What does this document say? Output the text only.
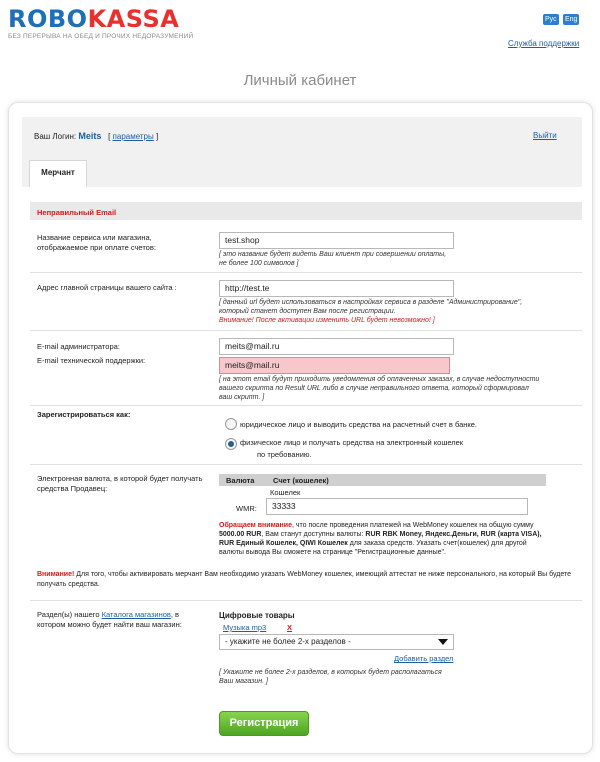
ROBOKASSA
БЕЗ ПЕРЕРЫВА НА ОБЕД И ПРОЧИХ НЕДОРАЗУМЕНИЙ
Рус Eng
Служба поддержки
Личный кабинет
Ваш Логин: Meits   [ параметры ]	Выйти
Мерчант
Неправильный Email
Название сервиса или магазина, отображаемое при оплате счетов:
test.shop
[ это название будет видеть Ваш клиент при совершении оплаты,
не более 100 символов ]
Адрес главной страницы вашего сайта :	http://test.te
[ данный url будет использоваться в настройках сервиса в разделе "Администрирование",
который станет доступен Вам после регистрации.
Внимание! После активации изменить URL будет невозможно! ]
E-mail администратора:	meits@mail.ru
E-mail технической поддержки:	meits@mail.ru
[ на этот email будут приходить уведомления об оплаченных заказах, в случае недоступности
вашего скрипта по Result URL либо в случае неправильного ответа, который сформировал
ваш скрипт. ]
Зарегистрироваться как:
юридическое лицо и выводить средства на расчетный счет в банке.
физическое лицо и получать средства на электронный кошелек
по требованию.
Электронная валюта, в которой будет получать
средства Продавец:
Валюта Счет (кошелек)
Кошелек
WMR:	33333
Обращаем внимание, что после проведения платежей на WebMoney кошелек на общую сумму 5000.00 RUR, Вам станут доступны валюты: RUR RBK Money, Яндекс.Деньги, RUR (карта VISA), RUR Единый Кошелек, QIWI Кошелек для заказа средств. Указать счет(кошелек) для другой валюты вывода Вы сможете на странице "Регистрационные данные".
Внимание! Для того, чтобы активировать мерчант Вам необходимо указать WebMoney кошелек, имеющий аттестат не ниже персонального, на который Вы будете получать средства.
Раздел(ы) нашего Каталога магазинов, в
котором можно будет найти ваш магазин:
Цифровые товары
Музыка mp3	X
- укажите не более 2-х разделов -
Добавить раздел
[ Укажите не более 2-х разделов, в которых будет располагаться
Ваш магазин. ]
Регистрация
